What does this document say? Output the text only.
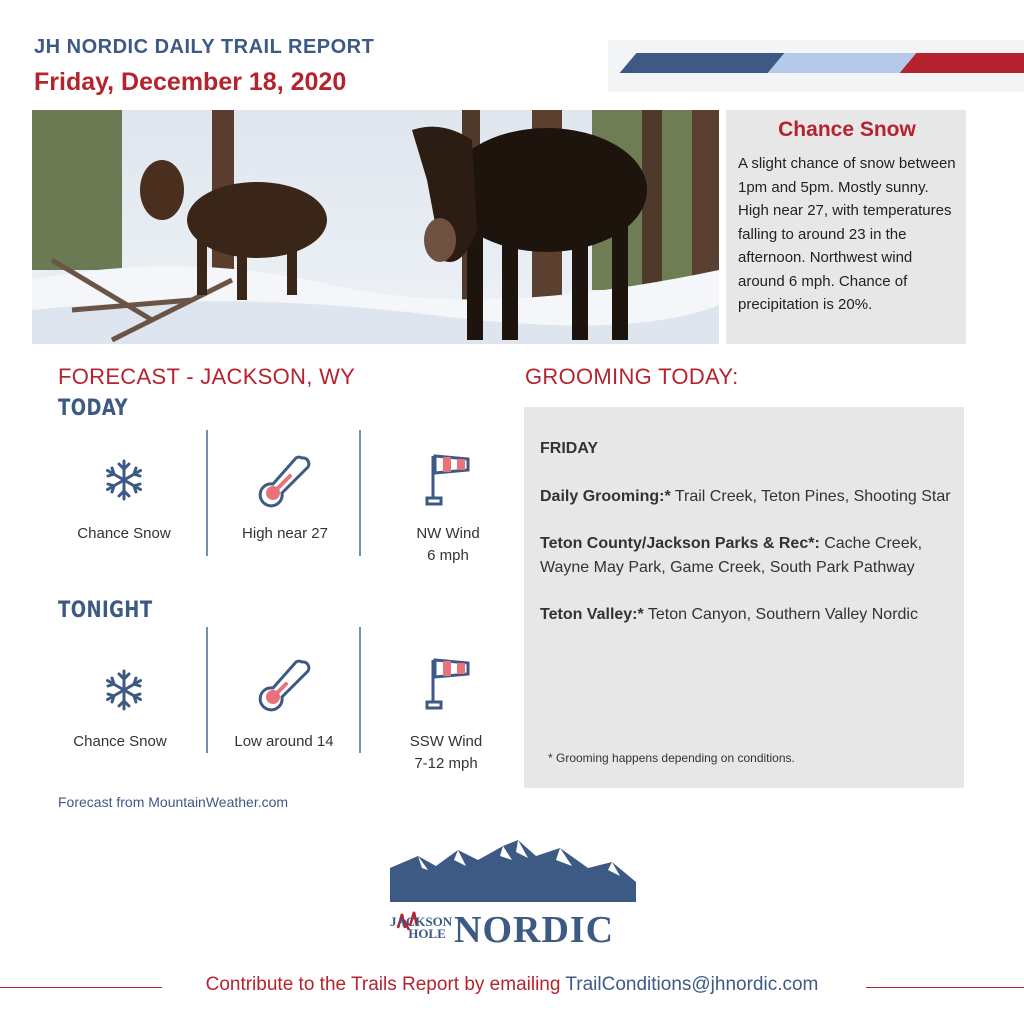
JH NORDIC DAILY TRAIL REPORT
Friday, December 18, 2020
Chance Snow

A slight chance of snow between 1pm and 5pm. Mostly sunny. High near 27, with temperatures falling to around 23 in the afternoon. Northwest wind around 6 mph. Chance of precipitation is 20%.

FORECAST - JACKSON, WY
TODAY
Chance Snow	High near 27	NW Wind
6 mph
TONIGHT
Chance Snow	Low around 14	SSW Wind
7-12 mph
Forecast from MountainWeather.com
GROOMING TODAY:

FRIDAY

Daily Grooming:* Trail Creek, Teton Pines, Shooting Star

Teton County/Jackson Parks & Rec*: Cache Creek, Wayne May Park, Game Creek, South Park Pathway

Teton Valley:* Teton Canyon, Southern Valley Nordic

* Grooming happens depending on conditions.
JACKSON
HOLE NORDIC
Contribute to the Trails Report by emailing TrailConditions@jhnordic.com
